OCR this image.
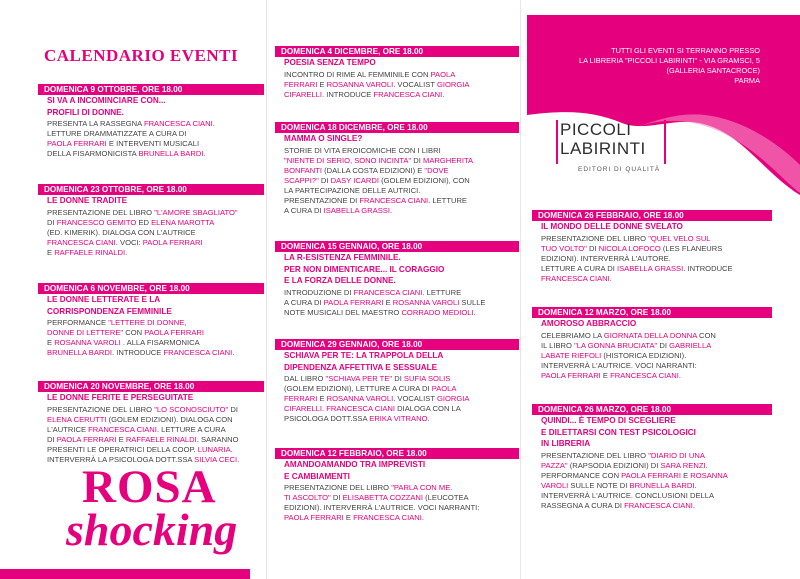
CALENDARIO EVENTI
DOMENICA 9 OTTOBRE, ORE 18.00
SI VA A INCOMINCIARE CON...
PROFILI DI DONNE.
PRESENTA LA RASSEGNA FRANCESCA CIANI.
LETTURE DRAMMATIZZATE A CURA DI
PAOLA FERRARI E INTERVENTI MUSICALI
DELLA FISARMONICISTA BRUNELLA BARDI.
DOMENICA 23 OTTOBRE, ORE 18.00
LE DONNE TRADITE
PRESENTAZIONE DEL LIBRO "L'AMORE SBAGLIATO"
DI FRANCESCO GEMITO ED ELENA MAROTTA
(ED. KIMERIK). DIALOGA CON L'AUTRICE
FRANCESCA CIANI. VOCI: PAOLA FERRARI
E RAFFAELE RINALDI.
DOMENICA 6 NOVEMBRE, ORE 18.00
LE DONNE LETTERATE E LA
CORRISPONDENZA FEMMINILE
PERFORMANCE "LETTERE DI DONNE,
DONNE DI LETTERE" CON PAOLA FERRARI
E ROSANNA VAROLI . ALLA FISARMONICA
BRUNELLA BARDI. INTRODUCE FRANCESCA CIANI.
DOMENICA 20 NOVEMBRE, ORE 18.00
LE DONNE FERITE E PERSEGUITATE
PRESENTAZIONE DEL LIBRO "LO SCONOSCIUTO" DI
ELENA CERUTTI (GOLEM EDIZIONI). DIALOGA CON
L'AUTRICE FRANCESCA CIANI. LETTURE A CURA
DI PAOLA FERRARI E RAFFAELE RINALDI. SARANNO
PRESENTI LE OPERATRICI DELLA COOP. LUNARIA.
INTERVERRÀ LA PSICOLOGA DOTT.SSA SILVIA CECI.
DOMENICA 4 DICEMBRE, ORE 18.00
POESIA SENZA TEMPO
INCONTRO DI RIME AL FEMMINILE CON PAOLA
FERRARI E ROSANNA VAROLI. VOCALIST GIORGIA
CIFARELLI. INTRODUCE FRANCESCA CIANI.
DOMENICA 18 DICEMBRE, ORE 18.00
MAMMA O SINGLE?
STORIE DI VITA EROICOMICHE CON I LIBRI
"NIENTE DI SERIO, SONO INCINTA" DI MARGHERITA
BONFANTI (DALLA COSTA EDIZIONI) E "DOVE
SCAPPI?" DI DASY ICARDI (GOLEM EDIZIONI), CON
LA PARTECIPAZIONE DELLE AUTRICI.
PRESENTAZIONE DI FRANCESCA CIANI. LETTURE
A CURA DI ISABELLA GRASSI.
DOMENICA 15 GENNAIO, ORE 18.00
LA R-ESISTENZA FEMMINILE.
PER NON DIMENTICARE... IL CORAGGIO
E LA FORZA DELLE DONNE.
INTRODUZIONE DI FRANCESCA CIANI. LETTURE
A CURA DI PAOLA FERRARI E ROSANNA VAROLI SULLE
NOTE MUSICALI DEL MAESTRO CORRADO MEDIOLI.
DOMENICA 29 GENNAIO, ORE 18.00
SCHIAVA PER TE: LA TRAPPOLA DELLA
DIPENDENZA AFFETTIVA E SESSUALE
DAL LIBRO "SCHIAVA PER TE" DI SUFIA SOLIS
(GOLEM EDIZIONI), LETTURE A CURA DI PAOLA
FERRARI E ROSANNA VAROLI. VOCALIST GIORGIA
CIFARELLI. FRANCESCA CIANI DIALOGA CON LA
PSICOLOGA DOTT.SSA ERIKA VITRANO.
DOMENICA 12 FEBBRAIO, ORE 18.00
AMANDOAMANDO TRA IMPREVISTI
E CAMBIAMENTI
PRESENTAZIONE DEL LIBRO "PARLA CON ME.
TI ASCOLTO" DI ELISABETTA COZZANI (LEUCOTEA
EDIZIONI). INTERVERRÀ L'AUTRICE. VOCI NARRANTI:
PAOLA FERRARI E FRANCESCA CIANI.
DOMENICA 26 FEBBRAIO, ORE 18.00
IL MONDO DELLE DONNE SVELATO
PRESENTAZIONE DEL LIBRO "QUEL VELO SUL
TUO VOLTO" DI NICOLA LOFOCO (LES FLANEURS
EDIZIONI). INTERVERRÀ L'AUTORE.
LETTURE A CURA DI ISABELLA GRASSI. INTRODUCE
FRANCESCA CIANI.
DOMENICA 12 MARZO, ORE 18.00
AMOROSO ABBRACCIO
CELEBRIAMO LA GIORNATA DELLA DONNA CON
IL LIBRO "LA GONNA BRUCIATA" DI GABRIELLA
LABATE RIEFOLI (HISTORICA EDIZIONI).
INTERVERRÀ L'AUTRICE. VOCI NARRANTI:
PAOLA FERRARI E FRANCESCA CIANI.
DOMENICA 26 MARZO, ORE 18.00
QUINDI... È TEMPO DI SCEGLIERE
E DILETTARSI CON TEST PSICOLOGICI
IN LIBRERIA
PRESENTAZIONE DEL LIBRO "DIARIO DI UNA
PAZZA" (RAPSODIA EDIZIONI) DI SARA RENZI.
PERFORMANCE CON PAOLA FERRARI E ROSANNA
VAROLI SULLE NOTE DI BRUNELLA BARDI.
INTERVERRÀ L'AUTRICE. CONCLUSIONI DELLA
RASSEGNA A CURA DI FRANCESCA CIANI.
ROSA
shocking
TUTTI GLI EVENTI SI TERRANNO PRESSO
LA LIBRERIA "PICCOLI LABIRINTI" - VIA GRAMSCI, 5
(GALLERIA SANTACROCE)
PARMA
PICCOLI
LABIRINTI
EDITORI DI QUALITÀ
